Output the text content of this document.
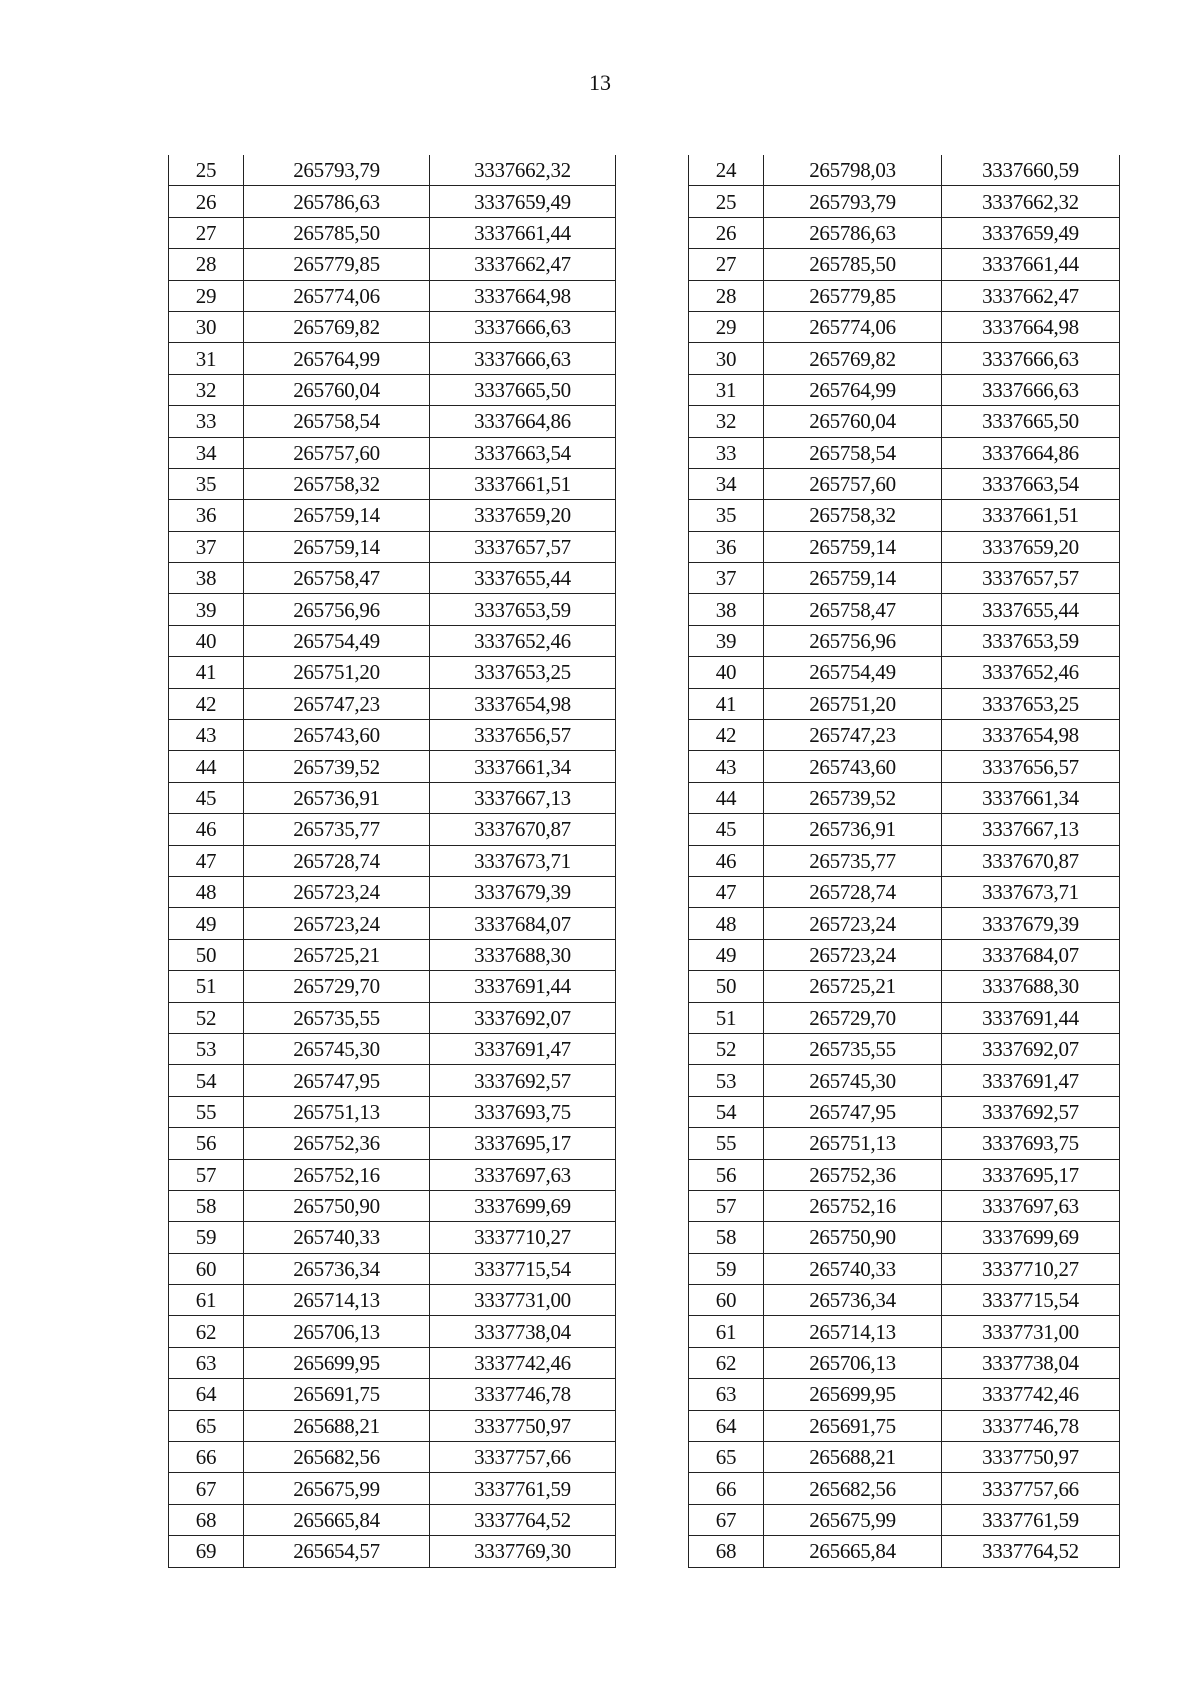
13
25	265793,79	3337662,32
26	265786,63	3337659,49
27	265785,50	3337661,44
28	265779,85	3337662,47
29	265774,06	3337664,98
30	265769,82	3337666,63
31	265764,99	3337666,63
32	265760,04	3337665,50
33	265758,54	3337664,86
34	265757,60	3337663,54
35	265758,32	3337661,51
36	265759,14	3337659,20
37	265759,14	3337657,57
38	265758,47	3337655,44
39	265756,96	3337653,59
40	265754,49	3337652,46
41	265751,20	3337653,25
42	265747,23	3337654,98
43	265743,60	3337656,57
44	265739,52	3337661,34
45	265736,91	3337667,13
46	265735,77	3337670,87
47	265728,74	3337673,71
48	265723,24	3337679,39
49	265723,24	3337684,07
50	265725,21	3337688,30
51	265729,70	3337691,44
52	265735,55	3337692,07
53	265745,30	3337691,47
54	265747,95	3337692,57
55	265751,13	3337693,75
56	265752,36	3337695,17
57	265752,16	3337697,63
58	265750,90	3337699,69
59	265740,33	3337710,27
60	265736,34	3337715,54
61	265714,13	3337731,00
62	265706,13	3337738,04
63	265699,95	3337742,46
64	265691,75	3337746,78
65	265688,21	3337750,97
66	265682,56	3337757,66
67	265675,99	3337761,59
68	265665,84	3337764,52
69	265654,57	3337769,30
24	265798,03	3337660,59
25	265793,79	3337662,32
26	265786,63	3337659,49
27	265785,50	3337661,44
28	265779,85	3337662,47
29	265774,06	3337664,98
30	265769,82	3337666,63
31	265764,99	3337666,63
32	265760,04	3337665,50
33	265758,54	3337664,86
34	265757,60	3337663,54
35	265758,32	3337661,51
36	265759,14	3337659,20
37	265759,14	3337657,57
38	265758,47	3337655,44
39	265756,96	3337653,59
40	265754,49	3337652,46
41	265751,20	3337653,25
42	265747,23	3337654,98
43	265743,60	3337656,57
44	265739,52	3337661,34
45	265736,91	3337667,13
46	265735,77	3337670,87
47	265728,74	3337673,71
48	265723,24	3337679,39
49	265723,24	3337684,07
50	265725,21	3337688,30
51	265729,70	3337691,44
52	265735,55	3337692,07
53	265745,30	3337691,47
54	265747,95	3337692,57
55	265751,13	3337693,75
56	265752,36	3337695,17
57	265752,16	3337697,63
58	265750,90	3337699,69
59	265740,33	3337710,27
60	265736,34	3337715,54
61	265714,13	3337731,00
62	265706,13	3337738,04
63	265699,95	3337742,46
64	265691,75	3337746,78
65	265688,21	3337750,97
66	265682,56	3337757,66
67	265675,99	3337761,59
68	265665,84	3337764,52
